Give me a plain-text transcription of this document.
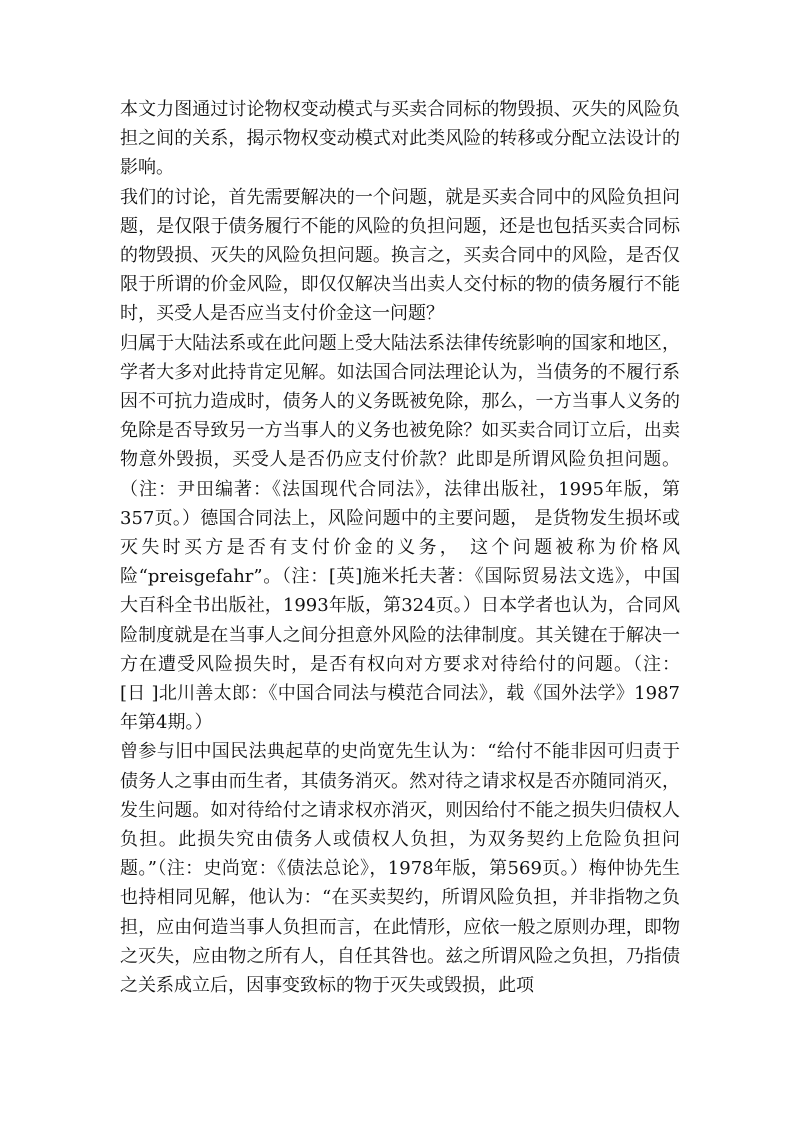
本文力图通过讨论物权变动模式与买卖合同标的物毁损、灭失的风险负担之间的关系，揭示物权变动模式对此类风险的转移或分配立法设计的影响。

我们的讨论，首先需要解决的一个问题，就是买卖合同中的风险负担问题，是仅限于债务履行不能的风险的负担问题，还是也包括买卖合同标的物毁损、灭失的风险负担问题。换言之，买卖合同中的风险，是否仅限于所谓的价金风险，即仅仅解决当出卖人交付标的物的债务履行不能时，买受人是否应当支付价金这一问题？

归属于大陆法系或在此问题上受大陆法系法律传统影响的国家和地区，学者大多对此持肯定见解。如法国合同法理论认为，当债务的不履行系因不可抗力造成时，债务人的义务既被免除，那么，一方当事人义务的免除是否导致另一方当事人的义务也被免除？如买卖合同订立后，出卖物意外毁损，买受人是否仍应支付价款？此即是所谓风险负担问题。（注：尹田编著：《法国现代合同法》，法律出版社，1995年版，第357页。）德国合同法上，风险问题中的主要问题， 是货物发生损坏或灭失时买方是否有支付价金的义务， 这个问题被称为价格风险“preisgefahr”。（注：[英]施米托夫著：《国际贸易法文选》，中国大百科全书出版社，1993年版，第324页。）日本学者也认为，合同风险制度就是在当事人之间分担意外风险的法律制度。其关键在于解决一方在遭受风险损失时，是否有权向对方要求对待给付的问题。（注： [日 ]北川善太郎：《中国合同法与模范合同法》，载《国外法学》1987年第4期。）

曾参与旧中国民法典起草的史尚宽先生认为：“给付不能非因可归责于债务人之事由而生者，其债务消灭。然对待之请求权是否亦随同消灭，发生问题。如对待给付之请求权亦消灭，则因给付不能之损失归债权人负担。此损失究由债务人或债权人负担，为双务契约上危险负担问题。”（注：史尚宽：《债法总论》，1978年版，第569页。）梅仲协先生也持相同见解，他认为：“在买卖契约，所谓风险负担，并非指物之负担，应由何造当事人负担而言，在此情形，应依一般之原则办理，即物之灭失，应由物之所有人，自任其咎也。兹之所谓风险之负担，乃指债之关系成立后，因事变致标的物于灭失或毁损，此项
